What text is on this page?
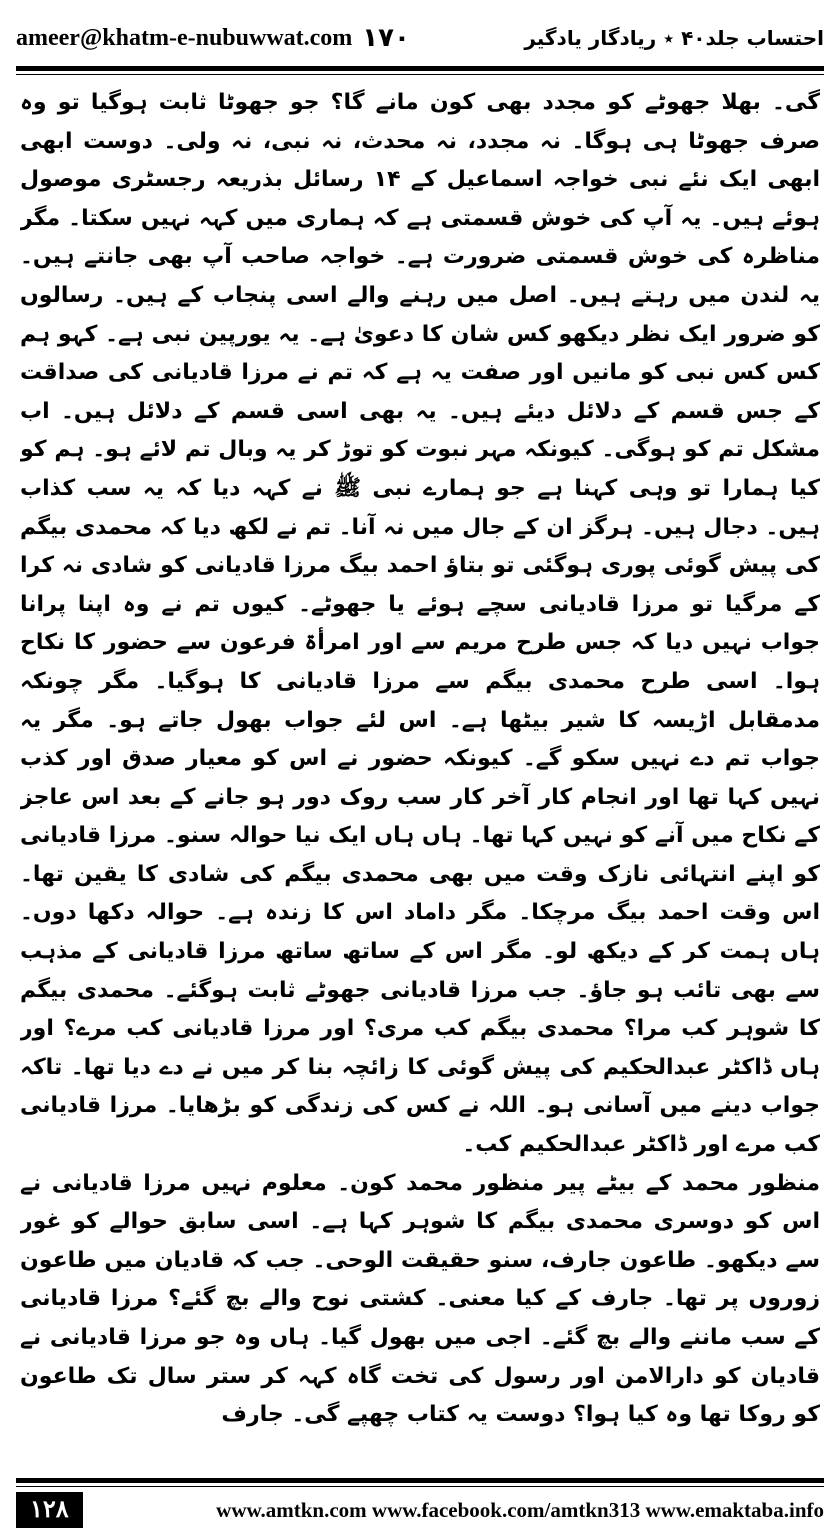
ameer@khatm-e-nubuwwat.com ۱۷۰	احتساب جلد۴۰ ٭ ریادگار یادگیر

گی۔ بھلا جھوٹے کو مجدد بھی کون مانے گا؟ جو جھوٹا ثابت ہوگیا تو وہ صرف جھوٹا ہی ہوگا۔ نہ مجدد، نہ محدث، نہ نبی، نہ ولی۔ دوست ابھی ابھی ایک نئے نبی خواجہ اسماعیل کے ۱۴ رسائل بذریعہ رجسٹری موصول ہوئے ہیں۔ یہ آپ کی خوش قسمتی ہے کہ ہماری میں کہہ نہیں سکتا۔ مگر مناظرہ کی خوش قسمتی ضرورت ہے۔ خواجہ صاحب آپ بھی جانتے ہیں۔ یہ لندن میں رہتے ہیں۔ اصل میں رہنے والے اسی پنجاب کے ہیں۔ رسالوں کو ضرور ایک نظر دیکھو کس شان کا دعویٰ ہے۔ یہ یورپین نبی ہے۔ کہو ہم کس کس نبی کو مانیں اور صفت یہ ہے کہ تم نے مرزا قادیانی کی صداقت کے جس قسم کے دلائل دیئے ہیں۔ یہ بھی اسی قسم کے دلائل ہیں۔ اب مشکل تم کو ہوگی۔ کیونکہ مہر نبوت کو توڑ کر یہ وبال تم لائے ہو۔ ہم کو کیا ہمارا تو وہی کہنا ہے جو ہمارے نبی ﷺ نے کہہ دیا کہ یہ سب کذاب ہیں۔ دجال ہیں۔ ہرگز ان کے جال میں نہ آنا۔ تم نے لکھ دیا کہ محمدی بیگم کی پیش گوئی پوری ہوگئی تو بتاؤ احمد بیگ مرزا قادیانی کو شادی نہ کرا کے مرگیا تو مرزا قادیانی سچے ہوئے یا جھوٹے۔ کیوں تم نے وہ اپنا پرانا جواب نہیں دیا کہ جس طرح مریم سے اور امرأۃ فرعون سے حضور کا نکاح ہوا۔ اسی طرح محمدی بیگم سے مرزا قادیانی کا ہوگیا۔ مگر چونکہ مدمقابل اڑیسہ کا شیر بیٹھا ہے۔ اس لئے جواب بھول جاتے ہو۔ مگر یہ جواب تم دے نہیں سکو گے۔ کیونکہ حضور نے اس کو معیار صدق اور کذب نہیں کہا تھا اور انجام کار آخر کار سب روک دور ہو جانے کے بعد اس عاجز کے نکاح میں آنے کو نہیں کہا تھا۔ ہاں ہاں ایک نیا حوالہ سنو۔ مرزا قادیانی کو اپنے انتہائی نازک وقت میں بھی محمدی بیگم کی شادی کا یقین تھا۔ اس وقت احمد بیگ مرچکا۔ مگر داماد اس کا زندہ ہے۔ حوالہ دکھا دوں۔ ہاں ہمت کر کے دیکھ لو۔ مگر اس کے ساتھ ساتھ مرزا قادیانی کے مذہب سے بھی تائب ہو جاؤ۔ جب مرزا قادیانی جھوٹے ثابت ہوگئے۔ محمدی بیگم کا شوہر کب مرا؟ محمدی بیگم کب مری؟ اور مرزا قادیانی کب مرے؟ اور ہاں ڈاکٹر عبدالحکیم کی پیش گوئی کا زائچہ بنا کر میں نے دے دیا تھا۔ تاکہ جواب دینے میں آسانی ہو۔ اللہ نے کس کی زندگی کو بڑھایا۔ مرزا قادیانی کب مرے اور ڈاکٹر عبدالحکیم کب۔

منظور محمد کے بیٹے پیر منظور محمد کون۔ معلوم نہیں مرزا قادیانی نے اس کو دوسری محمدی بیگم کا شوہر کہا ہے۔ اسی سابق حوالے کو غور سے دیکھو۔ طاعون جارف، سنو حقیقت الوحی۔ جب کہ قادیان میں طاعون زوروں پر تھا۔ جارف کے کیا معنی۔ کشتی نوح والے بچ گئے؟ مرزا قادیانی کے سب ماننے والے بچ گئے۔ اجی میں بھول گیا۔ ہاں وہ جو مرزا قادیانی نے قادیان کو دارالامن اور رسول کی تخت گاہ کہہ کر ستر سال تک طاعون کو روکا تھا وہ کیا ہوا؟ دوست یہ کتاب چھپے گی۔ جارف

۱۲۸	www.amtkn.com www.facebook.com/amtkn313 www.emaktaba.info
